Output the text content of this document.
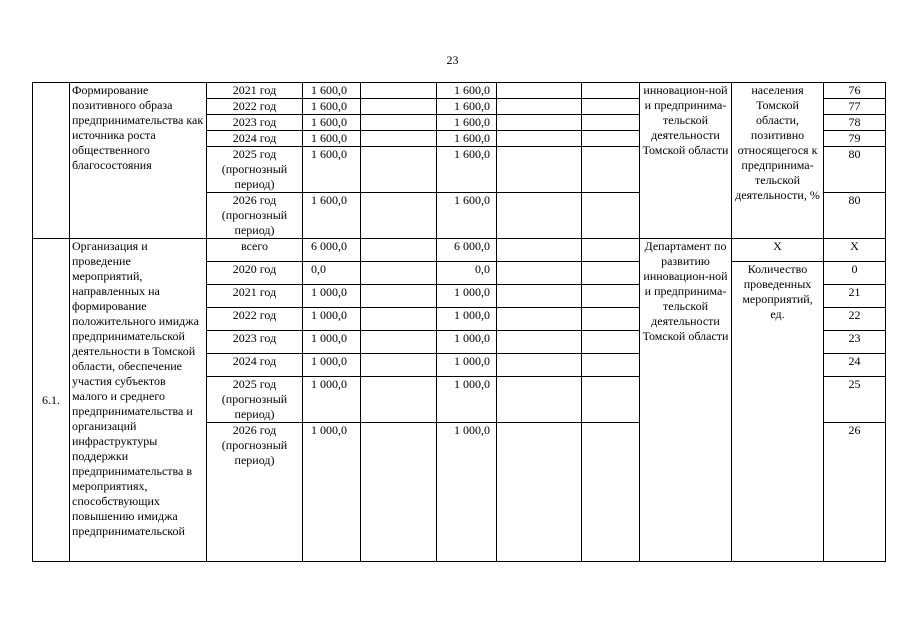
23
	Формирование позитивного образа предпринимательства как источника роста общественного благосостояния	2021 год	1 600,0		1 600,0			инновацион-ной и предпринима-тельской деятельности Томской области	населения Томской области, позитивно относящегося к предпринима-тельской деятельности, %	76
		2022 год	1 600,0		1 600,0					77
		2023 год	1 600,0		1 600,0					78
		2024 год	1 600,0		1 600,0					79
		2025 год (прогнозный период)	1 600,0		1 600,0					80
		2026 год (прогнозный период)	1 600,0		1 600,0					80
6.1.	Организация и проведение мероприятий, направленных на формирование положительного имиджа предпринимательской деятельности в Томской области, обеспечение участия субъектов малого и среднего предпринимательства и организаций инфраструктуры поддержки предпринимательства в мероприятиях, способствующих повышению имиджа предпринимательской	всего	6 000,0		6 000,0			Департамент по развитию инновацион-ной и предпринима-тельской деятельности Томской области	Х	Х
		2020 год	0,0		0,0				Количество проведенных мероприятий, ед.	0
		2021 год	1 000,0		1 000,0					21
		2022 год	1 000,0		1 000,0					22
		2023 год	1 000,0		1 000,0					23
		2024 год	1 000,0		1 000,0					24
		2025 год (прогнозный период)	1 000,0		1 000,0					25
		2026 год (прогнозный период)	1 000,0		1 000,0					26
